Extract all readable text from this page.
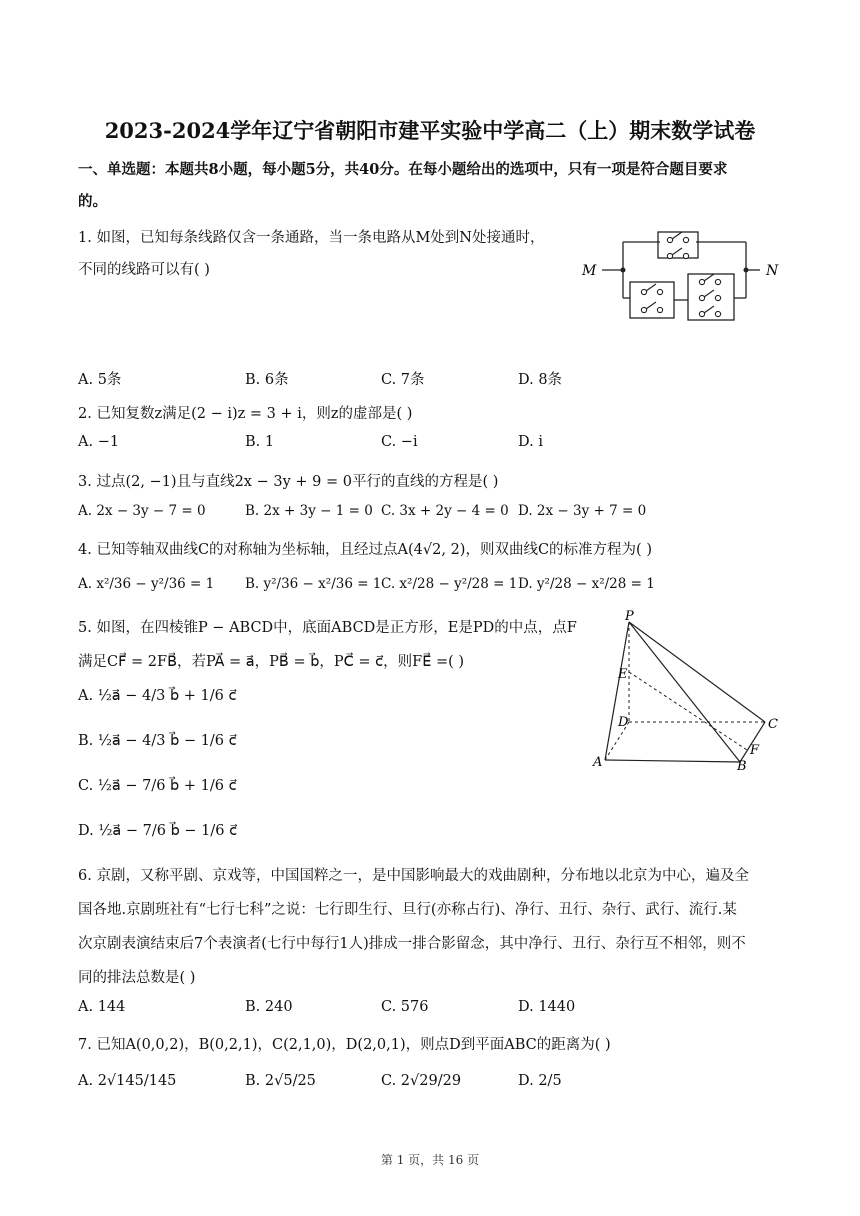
2023-2024学年辽宁省朝阳市建平实验中学高二（上）期末数学试卷
一、单选题：本题共8小题，每小题5分，共40分。在每小题给出的选项中，只有一项是符合题目要求
的。
1. 如图，已知每条线路仅含一条通路，当一条电路从M处到N处接通时，
不同的线路可以有( )	M	N
A. 5条	B. 6条	C. 7条	D. 8条
2. 已知复数z满足(2 − i)z = 3 + i，则z的虚部是( )
A. −1	B. 1	C. −i	D. i
3. 过点(2, −1)且与直线2x − 3y + 9 = 0平行的直线的方程是( )
A. 2x − 3y − 7 = 0	B. 2x + 3y − 1 = 0 C. 3x + 2y − 4 = 0 D. 2x − 3y + 7 = 0
4. 已知等轴双曲线C的对称轴为坐标轴，且经过点A(4√2, 2)，则双曲线C的标准方程为( )
A. x²/36 − y²/36 = 1 B. y²/36 − x²/36 = 1 C. x²/28 − y²/28 = 1 D. y²/28 − x²/28 = 1
5. 如图，在四棱锥P − ABCD中，底面ABCD是正方形，E是PD的中点，点F
满足CF⃗ = 2FB⃗，若PA⃗ = a⃗，PB⃗ = b⃗，PC⃗ = c⃗，则FE⃗ =( )
A. ½a⃗ − 4/3 b⃗ + 1/6 c⃗
B. ½a⃗ − 4/3 b⃗ − 1/6 c⃗
C. ½a⃗ − 7/6 b⃗ + 1/6 c⃗
D. ½a⃗ − 7/6 b⃗ − 1/6 c⃗
P
E
D	C
F
A	B
6. 京剧，又称平剧、京戏等，中国国粹之一，是中国影响最大的戏曲剧种，分布地以北京为中心，遍及全
国各地.京剧班社有“七行七科”之说：七行即生行、旦行(亦称占行)、净行、丑行、杂行、武行、流行.某
次京剧表演结束后7个表演者(七行中每行1人)排成一排合影留念，其中净行、丑行、杂行互不相邻，则不
同的排法总数是( )
A. 144	B. 240	C. 576	D. 1440
7. 已知A(0,0,2)，B(0,2,1)，C(2,1,0)，D(2,0,1)，则点D到平面ABC的距离为( )
A. 2√145/145	B. 2√5/25	C. 2√29/29	D. 2/5
第 1 页，共 16 页
